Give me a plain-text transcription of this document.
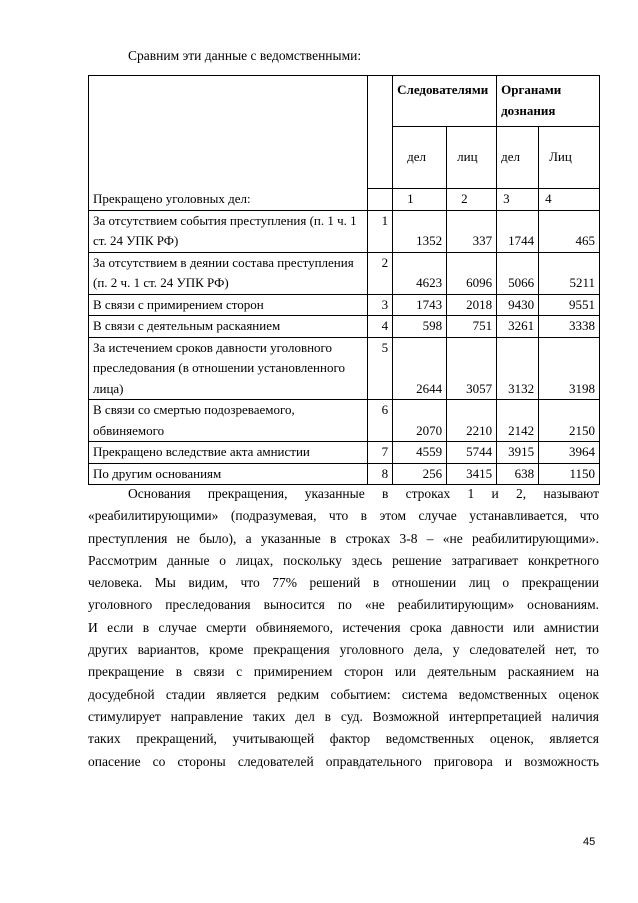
Сравним эти данные с ведомственными:
Прекращено уголовных дел:		Следователями		Органами дознания	
		дел	лиц	дел	Лиц
		1	2	3	4
За отсутствием события преступления (п. 1 ч. 1 ст. 24 УПК РФ)	1	1352	337	1744	465
За отсутствием в деянии состава преступления (п. 2 ч. 1 ст. 24 УПК РФ)	2	4623	6096	5066	5211
В связи с примирением сторон	3	1743	2018	9430	9551
В связи с деятельным раскаянием	4	598	751	3261	3338
За истечением сроков давности уголовного преследования (в отношении установленного лица)	5	2644	3057	3132	3198
В связи со смертью подозреваемого, обвиняемого	6	2070	2210	2142	2150
Прекращено вследствие акта амнистии	7	4559	5744	3915	3964
По другим основаниям	8	256	3415	638	1150
Основания прекращения, указанные в строках 1 и 2, называют
«реабилитирующими» (подразумевая, что в этом случае устанавливается, что
преступления не было), а указанные в строках 3-8 – «не реабилитирующими».
Рассмотрим данные о лицах, поскольку здесь решение затрагивает конкретного
человека. Мы видим, что 77% решений в отношении лиц о прекращении
уголовного преследования выносится по «не реабилитирующим» основаниям.
И если в случае смерти обвиняемого, истечения срока давности или амнистии
других вариантов, кроме прекращения уголовного дела, у следователей нет, то
прекращение в связи с примирением сторон или деятельным раскаянием на
досудебной стадии является редким событием: система ведомственных оценок
стимулирует направление таких дел в суд. Возможной интерпретацией наличия
таких прекращений, учитывающей фактор ведомственных оценок, является
опасение со стороны следователей оправдательного приговора и возможность
45
